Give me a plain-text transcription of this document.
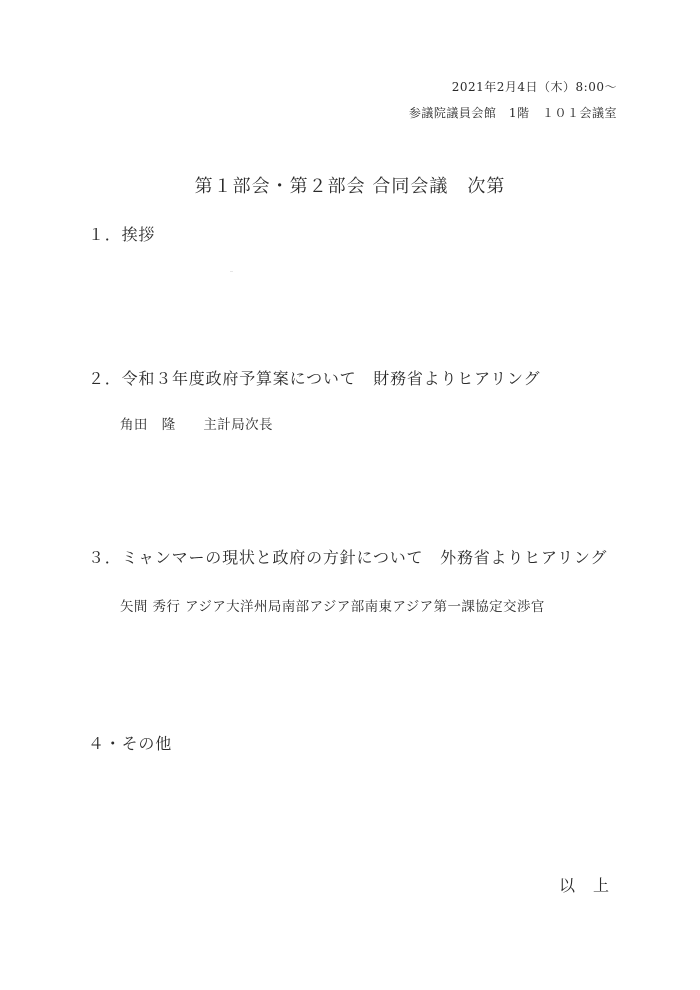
2021年2月4日（木）8:00〜
参議院議員会館　1階　１０１会議室
第１部会・第２部会 合同会議　次第
１．挨拶
２．令和３年度政府予算案について　財務省よりヒアリング
角田　隆　　主計局次長
３．ミャンマーの現状と政府の方針について　外務省よりヒアリング
矢間 秀行 アジア大洋州局南部アジア部南東アジア第一課協定交渉官
４・その他
以　上
